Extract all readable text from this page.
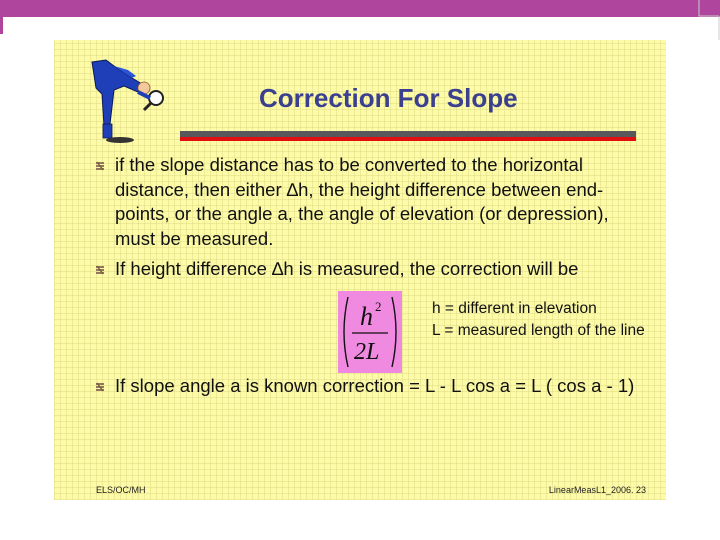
Correction For Slope
if the slope distance has to be converted to the horizontal distance, then either ∆h, the height difference between end-points, or the angle a, the angle of elevation (or depression), must be measured.
If height difference ∆h is measured, the correction will be
h 2
2L
h = different in elevation
L = measured length of the line
If slope angle a is known correction = L - L cos a = L ( cos a - 1)
ELS/OC/MH	LinearMeasL1_2006. 23
